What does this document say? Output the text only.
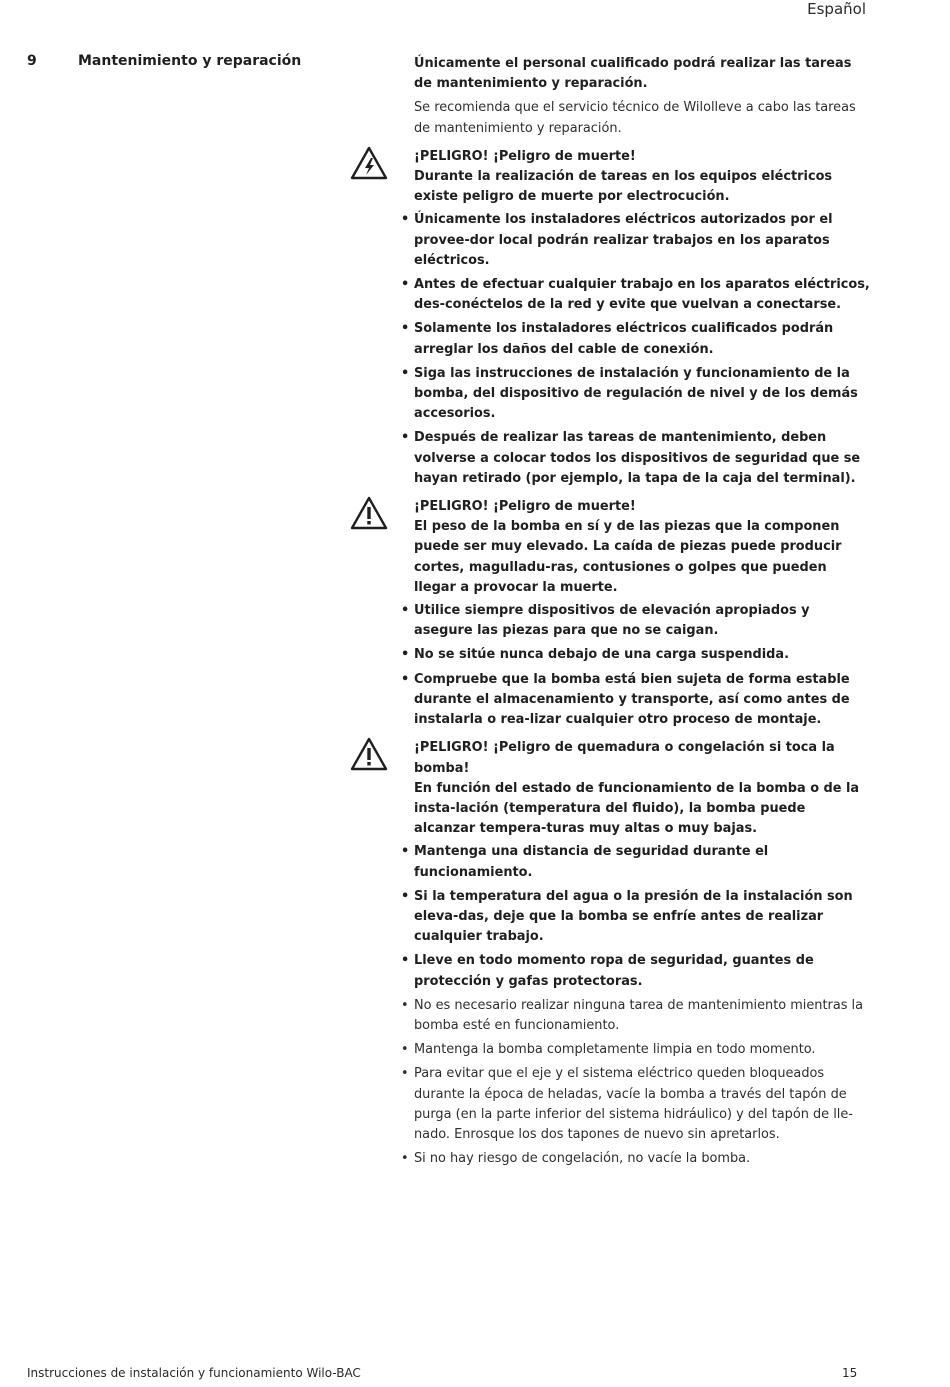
Español
9	Mantenimiento y reparación	Únicamente el personal cualificado podrá realizar las tareas de mantenimiento y reparación.

Se recomienda que el servicio técnico de Wilolleve a cabo las tareas de mantenimiento y reparación.

¡PELIGRO! ¡Peligro de muerte!

Durante la realización de tareas en los equipos eléctricos existe peligro de muerte por electrocución.

• Únicamente los instaladores eléctricos autorizados por el provee-dor local podrán realizar trabajos en los aparatos eléctricos.
• Antes de efectuar cualquier trabajo en los aparatos eléctricos, des-conéctelos de la red y evite que vuelvan a conectarse.
• Solamente los instaladores eléctricos cualificados podrán arreglar los daños del cable de conexión.
• Siga las instrucciones de instalación y funcionamiento de la bomba, del dispositivo de regulación de nivel y de los demás accesorios.
• Después de realizar las tareas de mantenimiento, deben volverse a colocar todos los dispositivos de seguridad que se hayan retirado (por ejemplo, la tapa de la caja del terminal).

¡PELIGRO! ¡Peligro de muerte!

El peso de la bomba en sí y de las piezas que la componen puede ser muy elevado. La caída de piezas puede producir cortes, magulladu-ras, contusiones o golpes que pueden llegar a provocar la muerte.

• Utilice siempre dispositivos de elevación apropiados y asegure las piezas para que no se caigan.
• No se sitúe nunca debajo de una carga suspendida.
• Compruebe que la bomba está bien sujeta de forma estable durante el almacenamiento y transporte, así como antes de instalarla o rea-lizar cualquier otro proceso de montaje.

¡PELIGRO! ¡Peligro de quemadura o congelación si toca la bomba!

En función del estado de funcionamiento de la bomba o de la insta-lación (temperatura del fluido), la bomba puede alcanzar tempera-turas muy altas o muy bajas.

• Mantenga una distancia de seguridad durante el funcionamiento.
• Si la temperatura del agua o la presión de la instalación son eleva-das, deje que la bomba se enfríe antes de realizar cualquier trabajo.
• Lleve en todo momento ropa de seguridad, guantes de protección y gafas protectoras.
• No es necesario realizar ninguna tarea de mantenimiento mientras la bomba esté en funcionamiento.
• Mantenga la bomba completamente limpia en todo momento.
• Para evitar que el eje y el sistema eléctrico queden bloqueados durante la época de heladas, vacíe la bomba a través del tapón de purga (en la parte inferior del sistema hidráulico) y del tapón de lle-nado. Enrosque los dos tapones de nuevo sin apretarlos.
• Si no hay riesgo de congelación, no vacíe la bomba.
Instrucciones de instalación y funcionamiento Wilo-BAC	15
